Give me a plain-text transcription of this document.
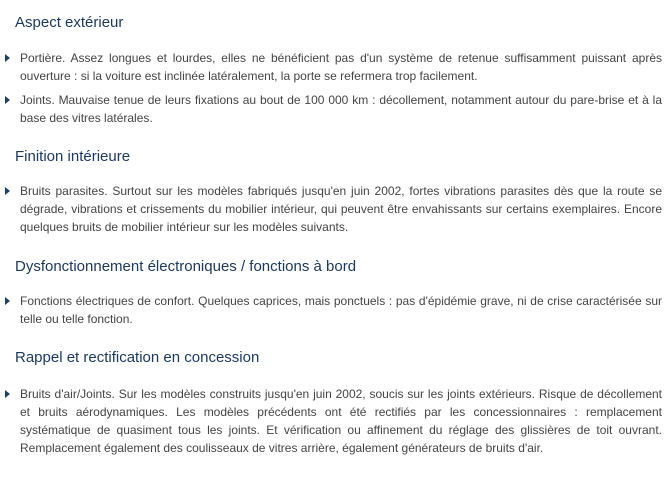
Aspect extérieur

Portière. Assez longues et lourdes, elles ne bénéficient pas d'un système de retenue suffisamment puissant après ouverture : si la voiture est inclinée latéralement, la porte se refermera trop facilement.

Joints. Mauvaise tenue de leurs fixations au bout de 100 000 km : décollement, notamment autour du pare-brise et à la base des vitres latérales.

Finition intérieure

Bruits parasites. Surtout sur les modèles fabriqués jusqu'en juin 2002, fortes vibrations parasites dès que la route se dégrade, vibrations et crissements du mobilier intérieur, qui peuvent être envahissants sur certains exemplaires. Encore quelques bruits de mobilier intérieur sur les modèles suivants.

Dysfonctionnement électroniques / fonctions à bord

Fonctions électriques de confort. Quelques caprices, mais ponctuels : pas d'épidémie grave, ni de crise caractérisée sur telle ou telle fonction.

Rappel et rectification en concession

Bruits d'air/Joints. Sur les modèles construits jusqu'en juin 2002, soucis sur les joints extérieurs. Risque de décollement et bruits aérodynamiques. Les modèles précédents ont été rectifiés par les concessionnaires : remplacement systématique de quasiment tous les joints. Et vérification ou affinement du réglage des glissières de toit ouvrant. Remplacement également des coulisseaux de vitres arrière, également générateurs de bruits d'air.
